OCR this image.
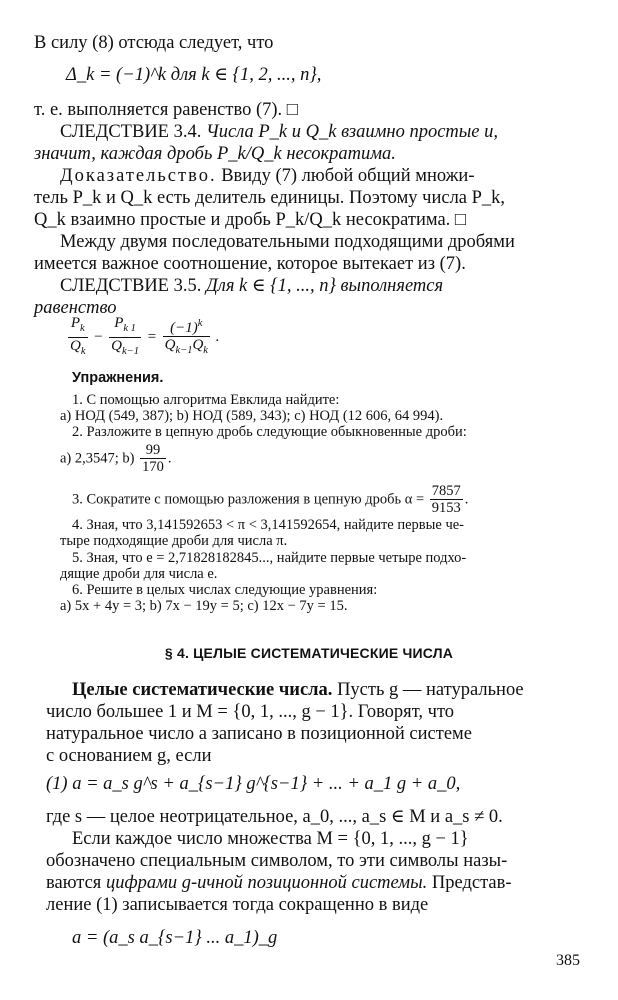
В силу (8) отсюда следует, что
Δ_k = (−1)^k для k ∈ {1, 2, ..., n},
т. е. выполняется равенство (7). □
СЛЕДСТВИЕ 3.4. Числа P_k и Q_k взаимно простые и,
значит, каждая дробь P_k/Q_k несократима.
Доказательство. Ввиду (7) любой общий множи-
тель P_k и Q_k есть делитель единицы. Поэтому числа P_k,
Q_k взаимно простые и дробь P_k/Q_k несократима. □
Между двумя последовательными подходящими дробями
имеется важное соотношение, которое вытекает из (7).
СЛЕДСТВИЕ 3.5. Для k ∈ {1, ..., n} выполняется
равенство
$\frac{P_k}{Q_k} - \frac{P_{k 1}}{Q_{k-1}} = \frac{(-1)^k}{Q_{k-1}Q_k}$ .
Упражнения.
1. С помощью алгоритма Евклида найдите:
a) НОД (549, 387); b) НОД (589, 343); c) НОД (12 606, 64 994).
2. Разложите в цепную дробь следующие обыкновенные дроби:
a) 2,3547; $b) \frac{99}{170}$ .
3. Сократите с помощью разложения в цепную дробь $\alpha = \frac{7857}{9153}$ .
4. Зная, что 3,141592653 < π < 3,141592654, найдите первые че-
тыре подходящие дроби для числа π.
5. Зная, что e = 2,71828182845..., найдите первые четыре подхо-
дящие дроби для числа e.
6. Решите в целых числах следующие уравнения:
a) 5x + 4y = 3; b) 7x − 19y = 5; c) 12x − 7y = 15.
§ 4. ЦЕЛЫЕ СИСТЕМАТИЧЕСКИЕ ЧИСЛА
Целые систематические числа. Пусть g — натуральное
число большее 1 и M = {0, 1, ..., g − 1}. Говорят, что
натуральное число a записано в позиционной системе
с основанием g, если
(1) a = a_s g^s + a_{s−1} g^{s−1} + ... + a_1 g + a_0,
где s — целое неотрицательное, a_0, ..., a_s ∈ M и a_s ≠ 0.
Если каждое число множества M = {0, 1, ..., g − 1}
обозначено специальным символом, то эти символы назы-
ваются цифрами g-ичной позиционной системы. Представ-
ление (1) записывается тогда сокращенно в виде
a = (a_s a_{s−1} ... a_1)_g
385
